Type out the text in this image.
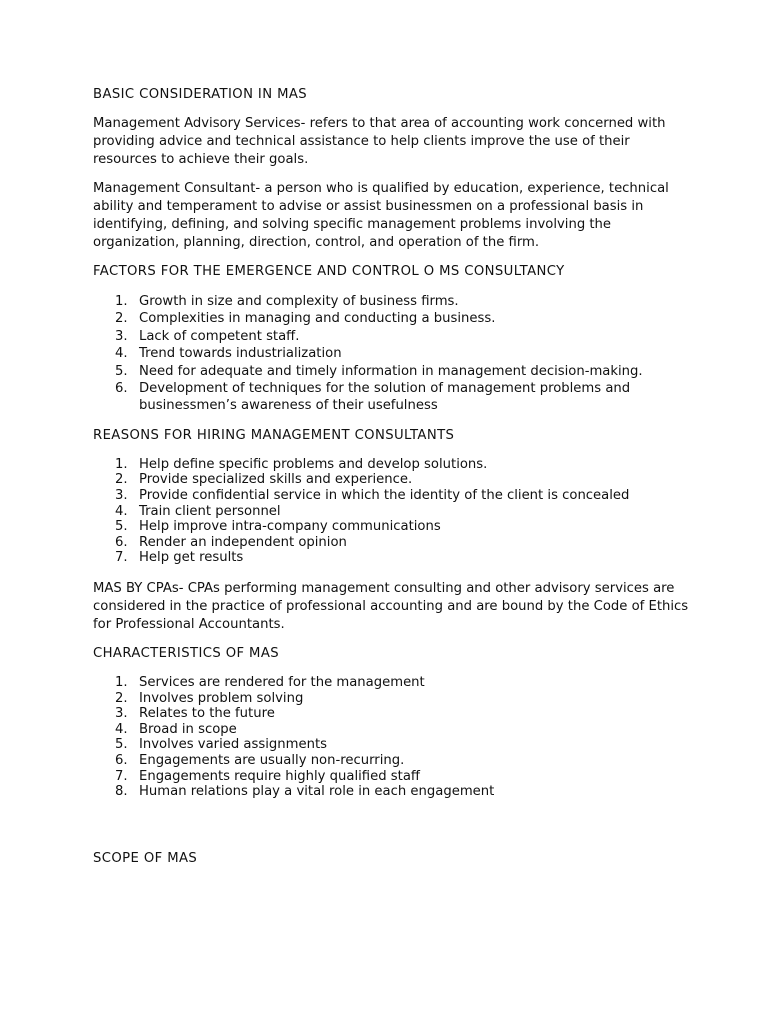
BASIC CONSIDERATION IN MAS

Management Advisory Services- refers to that area of accounting work concerned with providing advice and technical assistance to help clients improve the use of their resources to achieve their goals.

Management Consultant- a person who is qualified by education, experience, technical ability and temperament to advise or assist businessmen on a professional basis in identifying, defining, and solving specific management problems involving the organization, planning, direction, control, and operation of the firm.

FACTORS FOR THE EMERGENCE AND CONTROL O MS CONSULTANCY
1. Growth in size and complexity of business firms.
2. Complexities in managing and conducting a business.
3. Lack of competent staff.
4. Trend towards industrialization
5. Need for adequate and timely information in management decision-making.
6. Development of techniques for the solution of management problems and businessmen’s awareness of their usefulness
REASONS FOR HIRING MANAGEMENT CONSULTANTS
1. Help define specific problems and develop solutions.
2. Provide specialized skills and experience.
3. Provide confidential service in which the identity of the client is concealed
4. Train client personnel
5. Help improve intra-company communications
6. Render an independent opinion
7. Help get results

MAS BY CPAs- CPAs performing management consulting and other advisory services are considered in the practice of professional accounting and are bound by the Code of Ethics for Professional Accountants.

CHARACTERISTICS OF MAS
1. Services are rendered for the management
2. Involves problem solving
3. Relates to the future
4. Broad in scope
5. Involves varied assignments
6. Engagements are usually non-recurring.
7. Engagements require highly qualified staff
8. Human relations play a vital role in each engagement
SCOPE OF MAS
